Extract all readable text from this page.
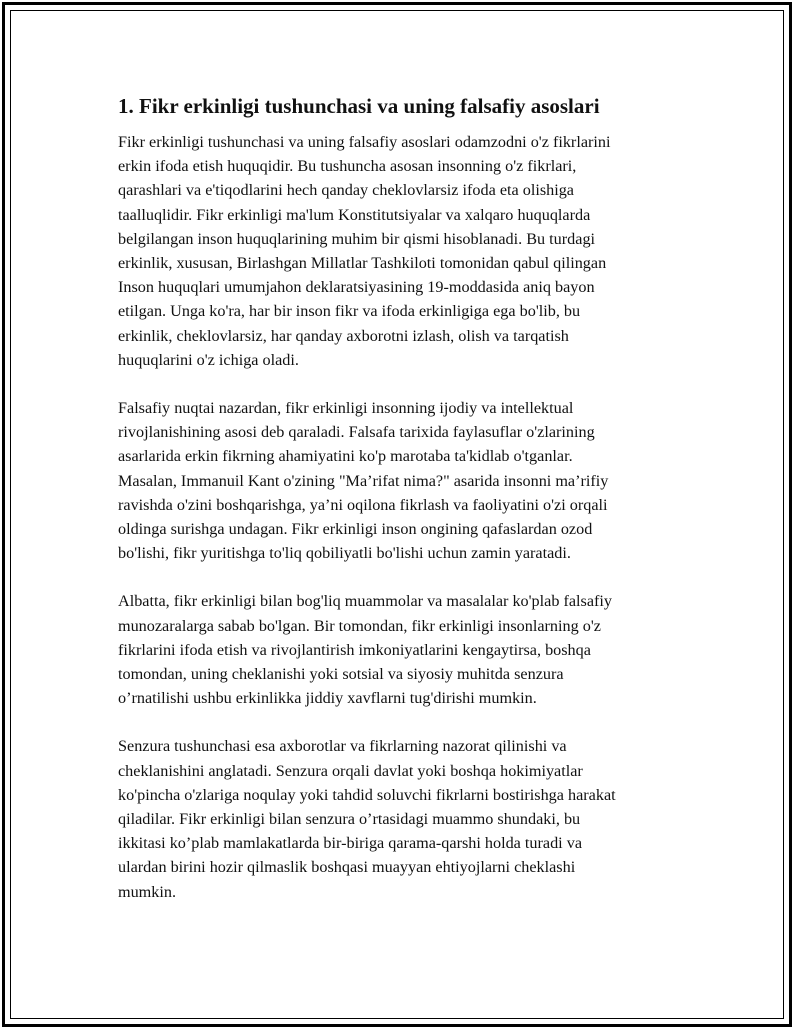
1. Fikr erkinligi tushunchasi va uning falsafiy asoslari

Fikr erkinligi tushunchasi va uning falsafiy asoslari odamzodni o'z fikrlarini
erkin ifoda etish huquqidir. Bu tushuncha asosan insonning o'z fikrlari,
qarashlari va e'tiqodlarini hech qanday cheklovlarsiz ifoda eta olishiga
taalluqlidir. Fikr erkinligi ma'lum Konstitutsiyalar va xalqaro huquqlarda
belgilangan inson huquqlarining muhim bir qismi hisoblanadi. Bu turdagi
erkinlik, xususan, Birlashgan Millatlar Tashkiloti tomonidan qabul qilingan
Inson huquqlari umumjahon deklaratsiyasining 19-moddasida aniq bayon
etilgan. Unga ko'ra, har bir inson fikr va ifoda erkinligiga ega bo'lib, bu
erkinlik, cheklovlarsiz, har qanday axborotni izlash, olish va tarqatish
huquqlarini o'z ichiga oladi.

Falsafiy nuqtai nazardan, fikr erkinligi insonning ijodiy va intellektual
rivojlanishining asosi deb qaraladi. Falsafa tarixida faylasuflar o'zlarining
asarlarida erkin fikrning ahamiyatini ko'p marotaba ta'kidlab o'tganlar.
Masalan, Immanuil Kant o'zining "Ma’rifat nima?" asarida insonni ma’rifiy
ravishda o'zini boshqarishga, ya’ni oqilona fikrlash va faoliyatini o'zi orqali
oldinga surishga undagan. Fikr erkinligi inson ongining qafaslardan ozod
bo'lishi, fikr yuritishga to'liq qobiliyatli bo'lishi uchun zamin yaratadi.

Albatta, fikr erkinligi bilan bog'liq muammolar va masalalar ko'plab falsafiy
munozaralarga sabab bo'lgan. Bir tomondan, fikr erkinligi insonlarning o'z
fikrlarini ifoda etish va rivojlantirish imkoniyatlarini kengaytirsa, boshqa
tomondan, uning cheklanishi yoki sotsial va siyosiy muhitda senzura
o’rnatilishi ushbu erkinlikka jiddiy xavflarni tug'dirishi mumkin.

Senzura tushunchasi esa axborotlar va fikrlarning nazorat qilinishi va
cheklanishini anglatadi. Senzura orqali davlat yoki boshqa hokimiyatlar
ko'pincha o'zlariga noqulay yoki tahdid soluvchi fikrlarni bostirishga harakat
qiladilar. Fikr erkinligi bilan senzura o’rtasidagi muammo shundaki, bu
ikkitasi ko’plab mamlakatlarda bir-biriga qarama-qarshi holda turadi va
ulardan birini hozir qilmaslik boshqasi muayyan ehtiyojlarni cheklashi
mumkin.
